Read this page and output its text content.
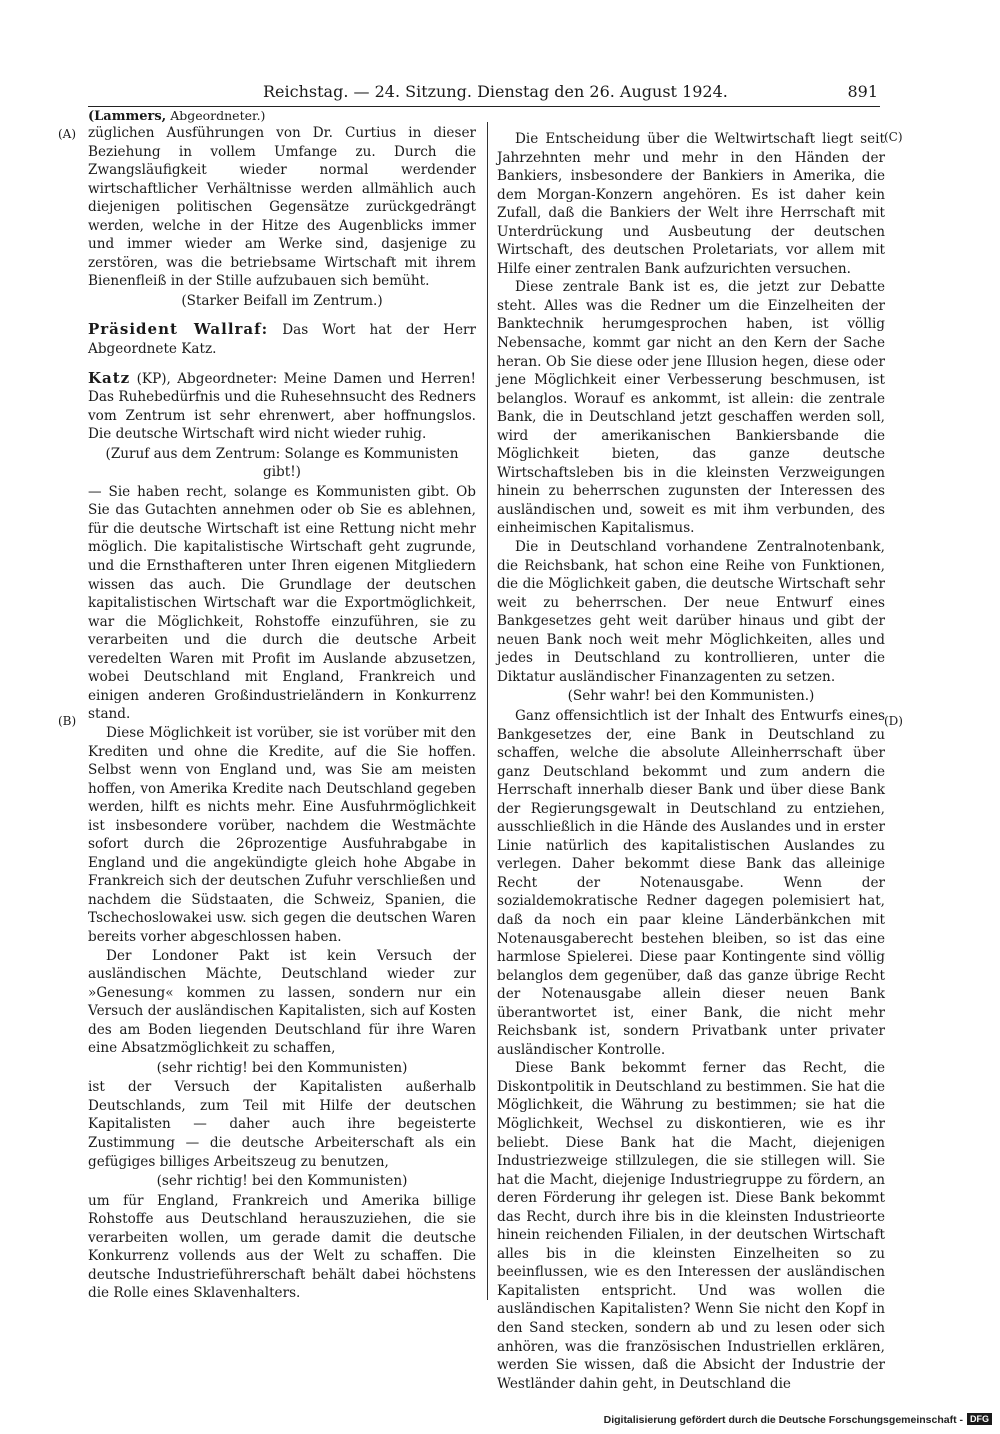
Reichstag. — 24. Sitzung. Dienstag den 26. August 1924.	891
(Lammers, Abgeordneter.)
(A)
(B)
(C)
(D)

züglichen Ausführungen von Dr. Curtius in dieser Beziehung in vollem Umfange zu. Durch die Zwangsläufigkeit wieder normal werdender wirtschaftlicher Verhältnisse werden allmählich auch diejenigen politischen Gegensätze zurückgedrängt werden, welche in der Hitze des Augenblicks immer und immer wieder am Werke sind, dasjenige zu zerstören, was die betriebsame Wirtschaft mit ihrem Bienenfleiß in der Stille aufzubauen sich bemüht.

(Starker Beifall im Zentrum.)

Präsident Wallraf: Das Wort hat der Herr Abgeordnete Katz.

Katz (KP), Abgeordneter: Meine Damen und Herren! Das Ruhebedürfnis und die Ruhesehnsucht des Redners vom Zentrum ist sehr ehrenwert, aber hoffnungslos. Die deutsche Wirtschaft wird nicht wieder ruhig.

(Zuruf aus dem Zentrum: Solange es Kommunisten gibt!)

— Sie haben recht, solange es Kommunisten gibt. Ob Sie das Gutachten annehmen oder ob Sie es ablehnen, für die deutsche Wirtschaft ist eine Rettung nicht mehr möglich. Die kapitalistische Wirtschaft geht zugrunde, und die Ernsthafteren unter Ihren eigenen Mitgliedern wissen das auch. Die Grundlage der deutschen kapitalistischen Wirtschaft war die Exportmöglichkeit, war die Möglichkeit, Rohstoffe einzuführen, sie zu verarbeiten und die durch die deutsche Arbeit veredelten Waren mit Profit im Auslande abzusetzen, wobei Deutschland mit England, Frankreich und einigen anderen Großindustrieländern in Konkurrenz stand.

Diese Möglichkeit ist vorüber, sie ist vorüber mit den Krediten und ohne die Kredite, auf die Sie hoffen. Selbst wenn von England und, was Sie am meisten hoffen, von Amerika Kredite nach Deutschland gegeben werden, hilft es nichts mehr. Eine Ausfuhrmöglichkeit ist insbesondere vorüber, nachdem die Westmächte sofort durch die 26prozentige Ausfuhrabgabe in England und die angekündigte gleich hohe Abgabe in Frankreich sich der deutschen Zufuhr verschließen und nachdem die Südstaaten, die Schweiz, Spanien, die Tschechoslowakei usw. sich gegen die deutschen Waren bereits vorher abgeschlossen haben.

Der Londoner Pakt ist kein Versuch der ausländischen Mächte, Deutschland wieder zur »Genesung« kommen zu lassen, sondern nur ein Versuch der ausländischen Kapitalisten, sich auf Kosten des am Boden liegenden Deutschland für ihre Waren eine Absatzmöglichkeit zu schaffen,

(sehr richtig! bei den Kommunisten)

ist der Versuch der Kapitalisten außerhalb Deutschlands, zum Teil mit Hilfe der deutschen Kapitalisten — daher auch ihre begeisterte Zustimmung — die deutsche Arbeiterschaft als ein gefügiges billiges Arbeitszeug zu benutzen,

(sehr richtig! bei den Kommunisten)

um für England, Frankreich und Amerika billige Rohstoffe aus Deutschland herauszuziehen, die sie verarbeiten wollen, um gerade damit die deutsche Konkurrenz vollends aus der Welt zu schaffen. Die deutsche Industrieführerschaft behält dabei höchstens die Rolle eines Sklavenhalters.

Die Entscheidung über die Weltwirtschaft liegt seit Jahrzehnten mehr und mehr in den Händen der Bankiers, insbesondere der Bankiers in Amerika, die dem Morgan-Konzern angehören. Es ist daher kein Zufall, daß die Bankiers der Welt ihre Herrschaft mit Unterdrückung und Ausbeutung der deutschen Wirtschaft, des deutschen Proletariats, vor allem mit Hilfe einer zentralen Bank aufzurichten versuchen.

Diese zentrale Bank ist es, die jetzt zur Debatte steht. Alles was die Redner um die Einzelheiten der Banktechnik herumgesprochen haben, ist völlig Nebensache, kommt gar nicht an den Kern der Sache heran. Ob Sie diese oder jene Illusion hegen, diese oder jene Möglichkeit einer Verbesserung beschmusen, ist belanglos. Worauf es ankommt, ist allein: die zentrale Bank, die in Deutschland jetzt geschaffen werden soll, wird der amerikanischen Bankiersbande die Möglichkeit bieten, das ganze deutsche Wirtschaftsleben bis in die kleinsten Verzweigungen hinein zu beherrschen zugunsten der Interessen des ausländischen und, soweit es mit ihm verbunden, des einheimischen Kapitalismus.

Die in Deutschland vorhandene Zentralnotenbank, die Reichsbank, hat schon eine Reihe von Funktionen, die die Möglichkeit gaben, die deutsche Wirtschaft sehr weit zu beherrschen. Der neue Entwurf eines Bankgesetzes geht weit darüber hinaus und gibt der neuen Bank noch weit mehr Möglichkeiten, alles und jedes in Deutschland zu kontrollieren, unter die Diktatur ausländischer Finanzagenten zu setzen.

(Sehr wahr! bei den Kommunisten.)

Ganz offensichtlich ist der Inhalt des Entwurfs eines Bankgesetzes der, eine Bank in Deutschland zu schaffen, welche die absolute Alleinherrschaft über ganz Deutschland bekommt und zum andern die Herrschaft innerhalb dieser Bank und über diese Bank der Regierungsgewalt in Deutschland zu entziehen, ausschließlich in die Hände des Auslandes und in erster Linie natürlich des kapitalistischen Auslandes zu verlegen. Daher bekommt diese Bank das alleinige Recht der Notenausgabe. Wenn der sozialdemokratische Redner dagegen polemisiert hat, daß da noch ein paar kleine Länderbänkchen mit Notenausgaberecht bestehen bleiben, so ist das eine harmlose Spielerei. Diese paar Kontingente sind völlig belanglos dem gegenüber, daß das ganze übrige Recht der Notenausgabe allein dieser neuen Bank überantwortet ist, einer Bank, die nicht mehr Reichsbank ist, sondern Privatbank unter privater ausländischer Kontrolle.

Diese Bank bekommt ferner das Recht, die Diskontpolitik in Deutschland zu bestimmen. Sie hat die Möglichkeit, die Währung zu bestimmen; sie hat die Möglichkeit, Wechsel zu diskontieren, wie es ihr beliebt. Diese Bank hat die Macht, diejenigen Industriezweige stillzulegen, die sie stillegen will. Sie hat die Macht, diejenige Industriegruppe zu fördern, an deren Förderung ihr gelegen ist. Diese Bank bekommt das Recht, durch ihre bis in die kleinsten Industrieorte hinein reichenden Filialen, in der deutschen Wirtschaft alles bis in die kleinsten Einzelheiten so zu beeinflussen, wie es den Interessen der ausländischen Kapitalisten entspricht. Und was wollen die ausländischen Kapitalisten? Wenn Sie nicht den Kopf in den Sand stecken, sondern ab und zu lesen oder sich anhören, was die französischen Industriellen erklären, werden Sie wissen, daß die Absicht der Industrie der Westländer dahin geht, in Deutschland die

Digitalisierung gefördert durch die Deutsche Forschungsgemeinschaft - DFG
